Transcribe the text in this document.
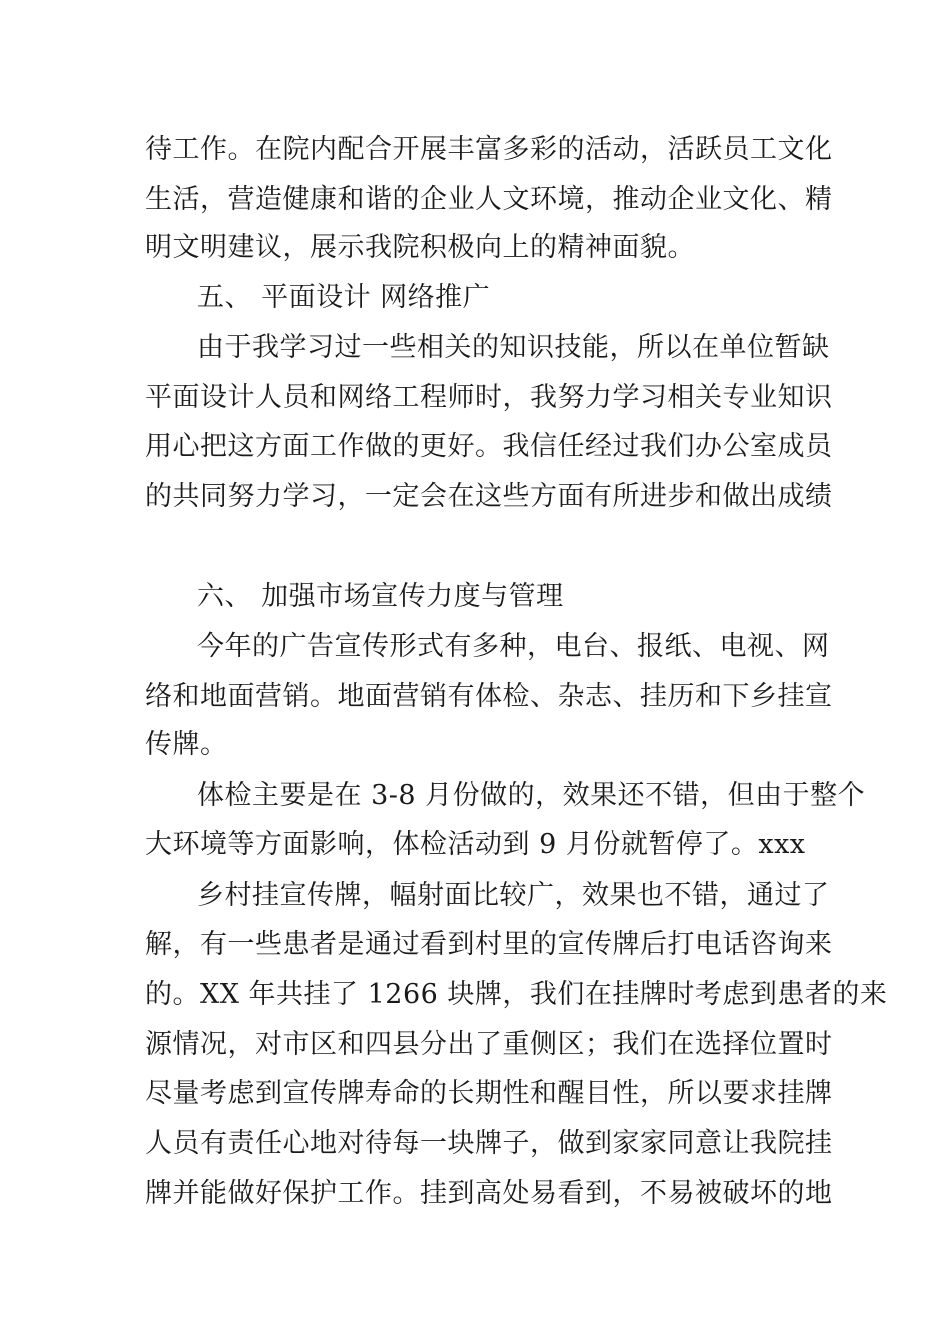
待工作。在院内配合开展丰富多彩的活动，活跃员工文化
生活，营造健康和谐的企业人文环境，推动企业文化、精
明文明建议，展示我院积极向上的精神面貌。
五、 平面设计 网络推广
由于我学习过一些相关的知识技能，所以在单位暂缺
平面设计人员和网络工程师时，我努力学习相关专业知识
用心把这方面工作做的更好。我信任经过我们办公室成员
的共同努力学习，一定会在这些方面有所进步和做出成绩
六、 加强市场宣传力度与管理
今年的广告宣传形式有多种，电台、报纸、电视、网
络和地面营销。地面营销有体检、杂志、挂历和下乡挂宣
传牌。
体检主要是在 3-8 月份做的，效果还不错，但由于整个
大环境等方面影响，体检活动到 9 月份就暂停了。xxx
乡村挂宣传牌，幅射面比较广，效果也不错，通过了
解，有一些患者是通过看到村里的宣传牌后打电话咨询来
的。XX 年共挂了 1266 块牌，我们在挂牌时考虑到患者的来
源情况，对市区和四县分出了重侧区；我们在选择位置时
尽量考虑到宣传牌寿命的长期性和醒目性，所以要求挂牌
人员有责任心地对待每一块牌子，做到家家同意让我院挂
牌并能做好保护工作。挂到高处易看到，不易被破坏的地
